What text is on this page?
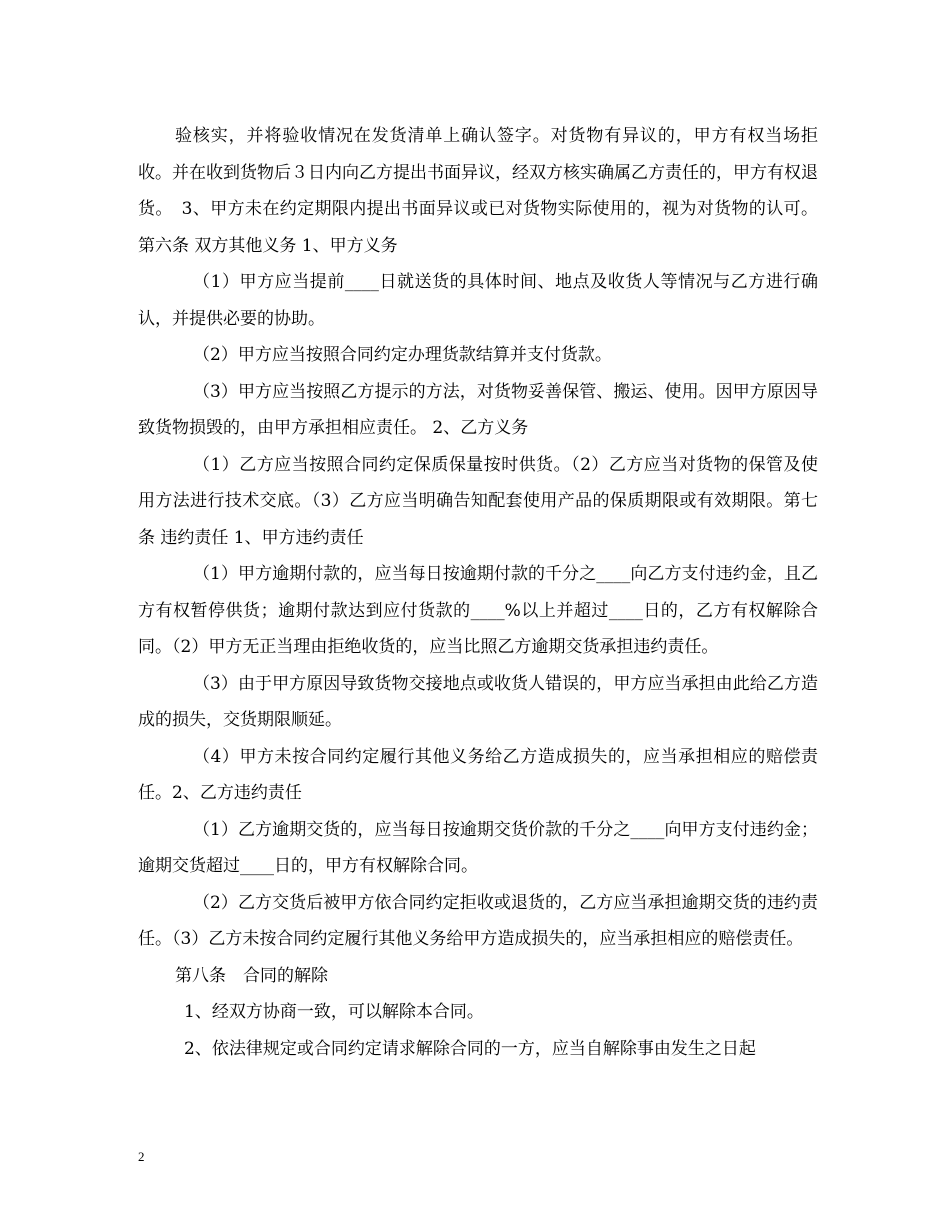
验核实，并将验收情况在发货清单上确认签字。对货物有异议的，甲方有权当场拒收。并在收到货物后３日内向乙方提出书面异议，经双方核实确属乙方责任的，甲方有权退货。　3、甲方未在约定期限内提出书面异议或已对货物实际使用的，视为对货物的认可。第六条 双方其他义务 1、甲方义务

（1）甲方应当提前____日就送货的具体时间、地点及收货人等情况与乙方进行确认，并提供必要的协助。

（2）甲方应当按照合同约定办理货款结算并支付货款。

（3）甲方应当按照乙方提示的方法，对货物妥善保管、搬运、使用。因甲方原因导致货物损毁的，由甲方承担相应责任。 2、乙方义务

（1）乙方应当按照合同约定保质保量按时供货。（2）乙方应当对货物的保管及使用方法进行技术交底。（3）乙方应当明确告知配套使用产品的保质期限或有效期限。第七条 违约责任 1、甲方违约责任

（1）甲方逾期付款的，应当每日按逾期付款的千分之____向乙方支付违约金，且乙方有权暂停供货；逾期付款达到应付货款的____%以上并超过____日的，乙方有权解除合同。（2）甲方无正当理由拒绝收货的，应当比照乙方逾期交货承担违约责任。

（3）由于甲方原因导致货物交接地点或收货人错误的，甲方应当承担由此给乙方造成的损失，交货期限顺延。

（4）甲方未按合同约定履行其他义务给乙方造成损失的，应当承担相应的赔偿责任。2、乙方违约责任

（1）乙方逾期交货的，应当每日按逾期交货价款的千分之____向甲方支付违约金；逾期交货超过____日的，甲方有权解除合同。

（2）乙方交货后被甲方依合同约定拒收或退货的，乙方应当承担逾期交货的违约责任。（3）乙方未按合同约定履行其他义务给甲方造成损失的，应当承担相应的赔偿责任。

第八条　合同的解除

1、经双方协商一致，可以解除本合同。

2、依法律规定或合同约定请求解除合同的一方，应当自解除事由发生之日起

2
